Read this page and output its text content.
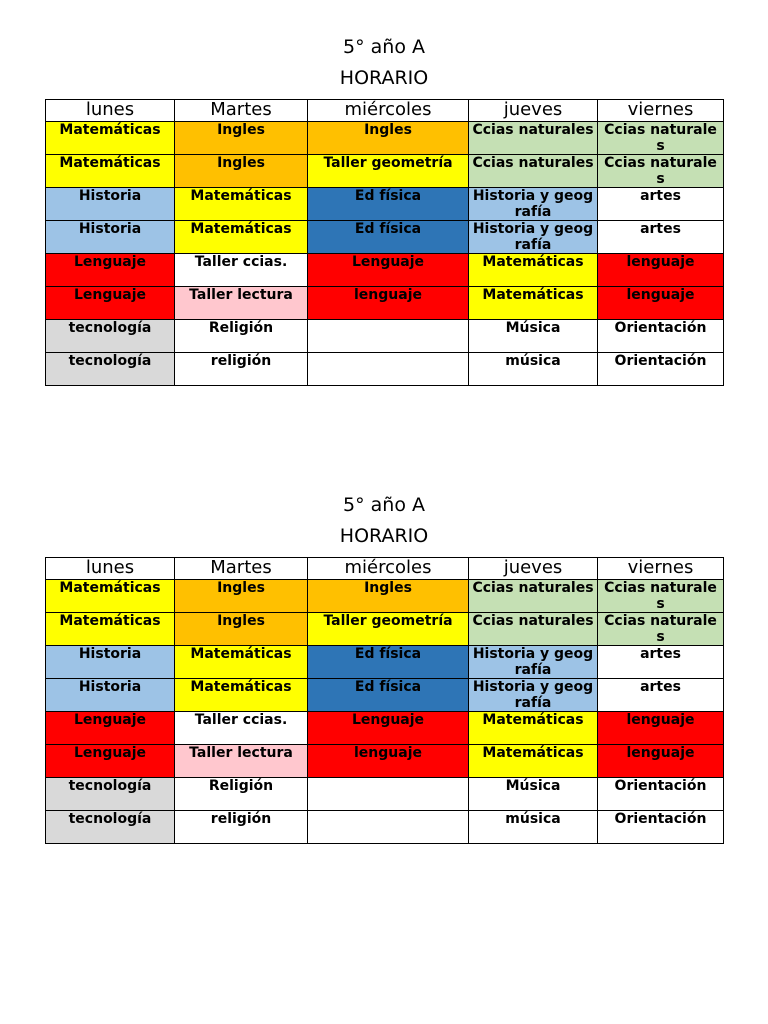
5° año A
HORARIO
lunes	Martes	miércoles	jueves	viernes
Matemáticas	Ingles	Ingles	Ccias naturales	Ccias naturales
Matemáticas	Ingles	Taller geometría	Ccias naturales	Ccias naturales
Historia	Matemáticas	Ed física	Historia y geografía	artes
Historia	Matemáticas	Ed física	Historia y geografía	artes
Lenguaje	Taller ccias.	Lenguaje	Matemáticas	lenguaje
Lenguaje	Taller lectura	lenguaje	Matemáticas	lenguaje
tecnología	Religión		Música	Orientación
tecnología	religión		música	Orientación
5° año A
HORARIO
lunes	Martes	miércoles	jueves	viernes
Matemáticas	Ingles	Ingles	Ccias naturales	Ccias naturales
Matemáticas	Ingles	Taller geometría	Ccias naturales	Ccias naturales
Historia	Matemáticas	Ed física	Historia y geografía	artes
Historia	Matemáticas	Ed física	Historia y geografía	artes
Lenguaje	Taller ccias.	Lenguaje	Matemáticas	lenguaje
Lenguaje	Taller lectura	lenguaje	Matemáticas	lenguaje
tecnología	Religión		Música	Orientación
tecnología	religión		música	Orientación
